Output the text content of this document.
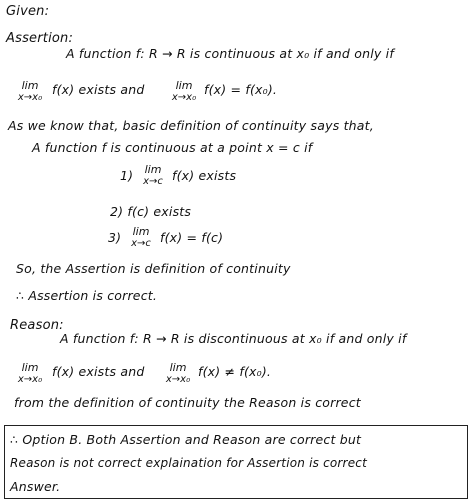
Given:
Assertion:
A function f: R → R is continuous at x₀ if and only if
lim
x→x₀
f(x) exists and	lim
x→x₀
f(x) = f(x₀).
As we know that, basic definition of continuity says that,
A function f is continuous at a point x = c if
1)	lim
x→c f(x) exists
2) f(c) exists
3)	lim
x→c f(x) = f(c)
So, the Assertion is definition of continuity
∴ Assertion is correct.
Reason:
A function f: R → R is discontinuous at x₀ if and only if
lim
x→x₀
f(x) exists and	lim
x→x₀
f(x) ≠ f(x₀).
from the definition of continuity the Reason is correct
∴ Option B. Both Assertion and Reason are correct but
Reason is not correct explaination for Assertion is correct
Answer.
